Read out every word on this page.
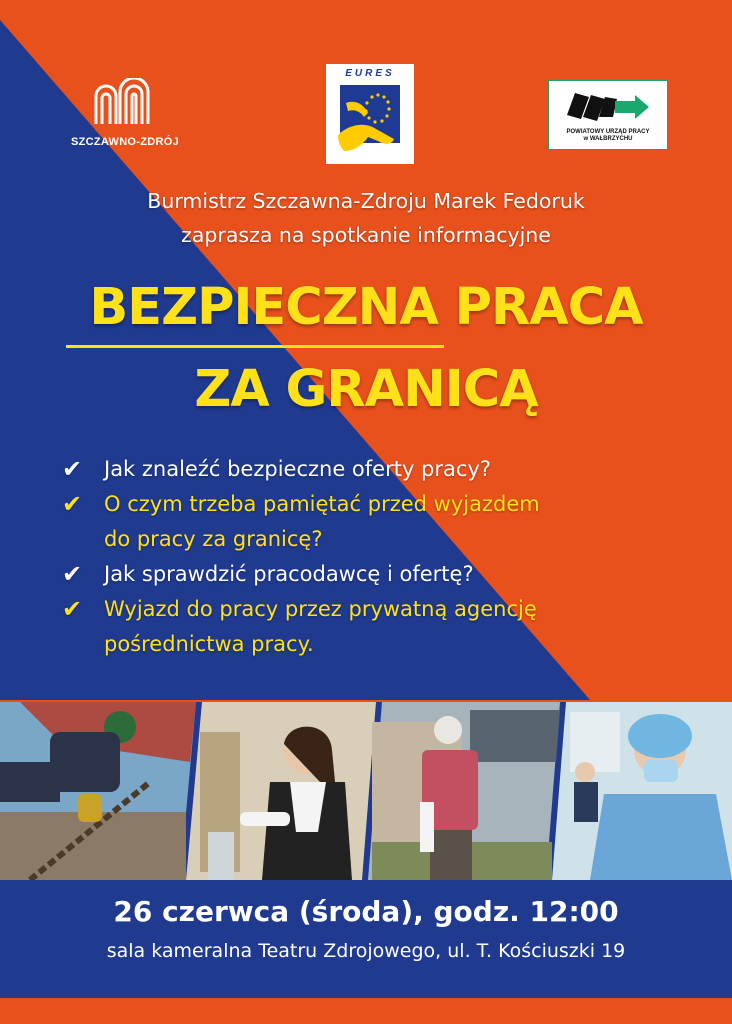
SZCZAWNO-ZDRÓJ
EURES
POWIATOWY URZĄD PRACY
w WAŁBRZYCHU
Burmistrz Szczawna-Zdroju Marek Fedoruk
zaprasza na spotkanie informacyjne
BEZPIECZNA PRACA
ZA GRANICĄ
✔ Jak znaleźć bezpieczne oferty pracy?
✔ O czym trzeba pamiętać przed wyjazdem
do pracy za granicę?
✔ Jak sprawdzić pracodawcę i ofertę?
✔ Wyjazd do pracy przez prywatną agencję
pośrednictwa pracy.
26 czerwca (środa), godz. 12:00
sala kameralna Teatru Zdrojowego, ul. T. Kościuszki 19
